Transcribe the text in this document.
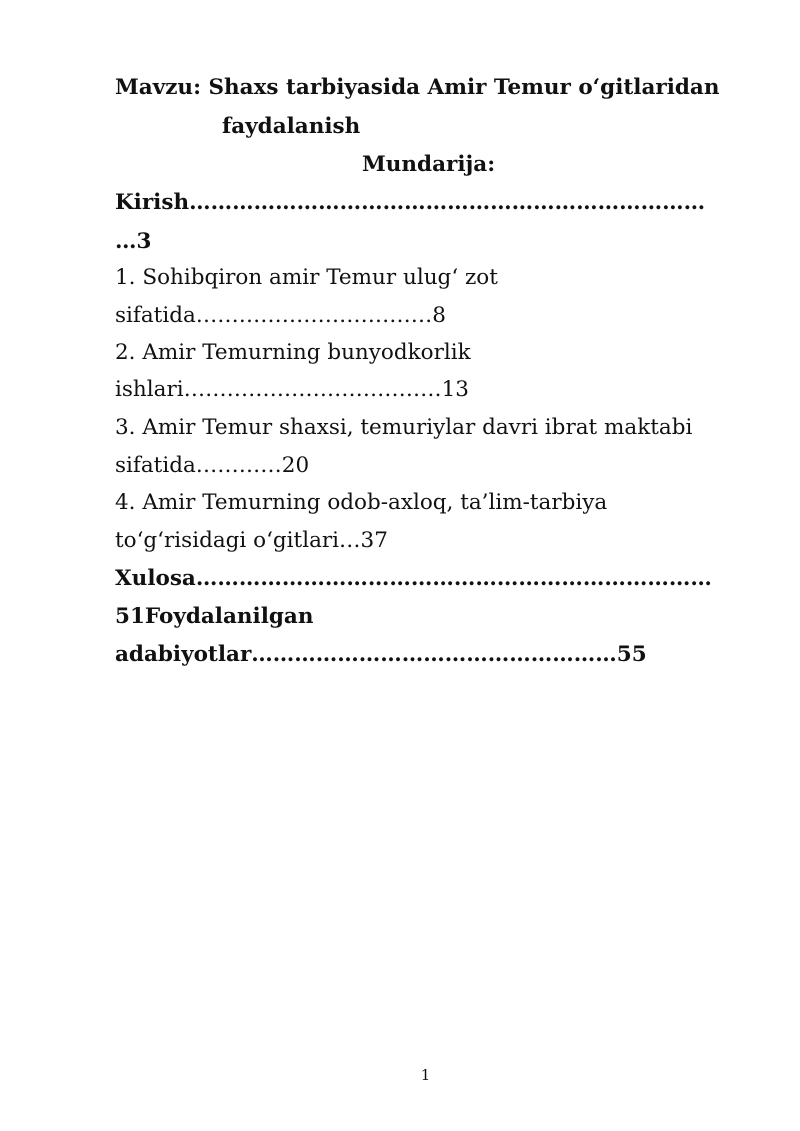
Mavzu: Shaxs tarbiyasida Amir Temur o‘gitlaridan
faydalanish
Mundarija:
Kirish………………………………………………………………
…3
1. Sohibqiron amir Temur ulug‘ zot
sifatida……………………………8
2. Amir Temurning bunyodkorlik
ishlari………………………………13
3. Amir Temur shaxsi, temuriylar davri ibrat maktabi
sifatida…………20
4. Amir Temurning odob-axloq, ta’lim-tarbiya
to‘g‘risidagi o‘gitlari…37
Xulosa………………………………………………………………
51Foydalanilgan
adabiyotlar……………………………………………55
1
